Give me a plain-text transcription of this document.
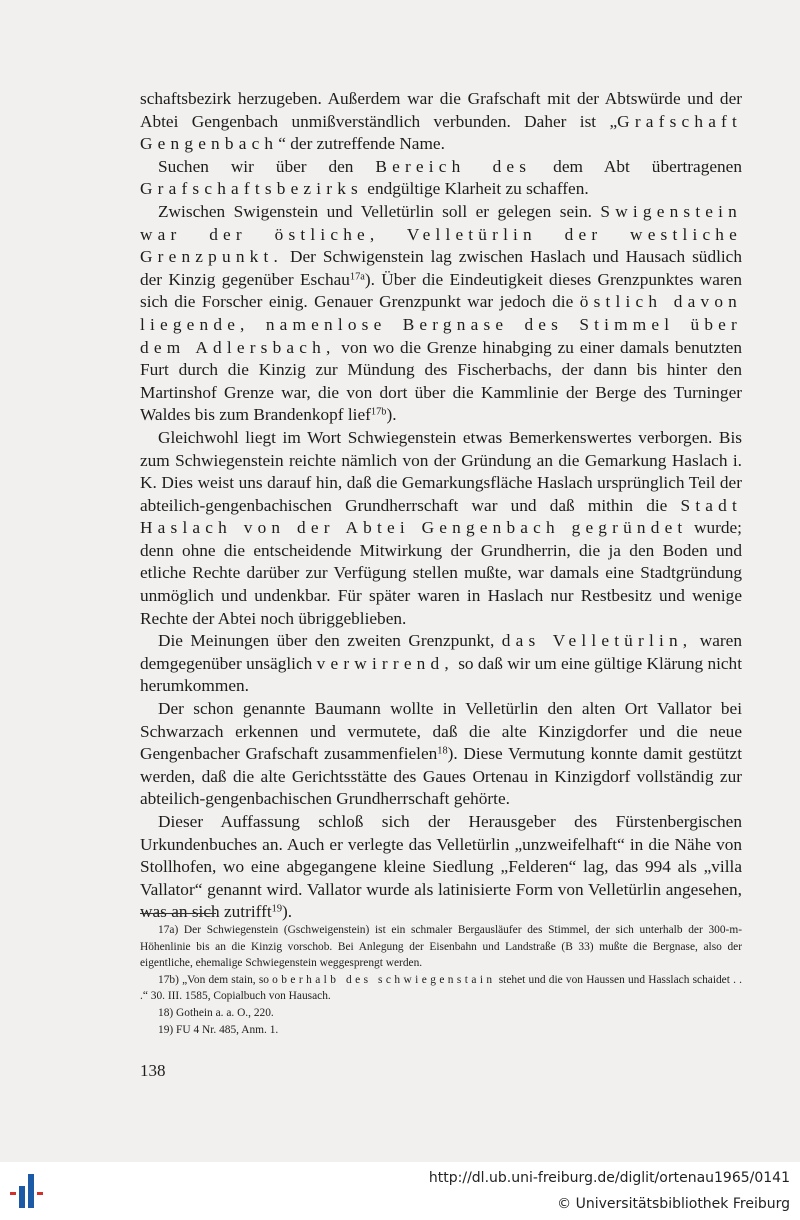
schaftsbezirk herzugeben. Außerdem war die Grafschaft mit der Abtswürde und der Abtei Gengenbach unmißverständlich verbunden. Daher ist „Grafschaft Gengenbach“ der zutreffende Name.

Suchen wir über den Bereich des dem Abt übertragenen Grafschaftsbezirks endgültige Klarheit zu schaffen.

Zwischen Swigenstein und Velletürlin soll er gelegen sein. Swigenstein war der östliche, Velletürlin der westliche Grenzpunkt. Der Schwigenstein lag zwischen Haslach und Hausach südlich der Kinzig gegenüber Eschau$^{17a}$). Über die Eindeutigkeit dieses Grenzpunktes waren sich die Forscher einig. Genauer Grenzpunkt war jedoch die östlich davon liegende, namenlose Bergnase des Stimmel über dem Adlersbach, von wo die Grenze hinabging zu einer damals benutzten Furt durch die Kinzig zur Mündung des Fischerbachs, der dann bis hinter den Martinshof Grenze war, die von dort über die Kammlinie der Berge des Turninger Waldes bis zum Brandenkopf lief$^{17b}$).

Gleichwohl liegt im Wort Schwiegenstein etwas Bemerkenswertes verborgen. Bis zum Schwiegenstein reichte nämlich von der Gründung an die Gemarkung Haslach i. K. Dies weist uns darauf hin, daß die Gemarkungsfläche Haslach ursprünglich Teil der abteilich-gengenbachischen Grundherrschaft war und daß mithin die Stadt Haslach von der Abtei Gengenbach gegründet wurde; denn ohne die entscheidende Mitwirkung der Grundherrin, die ja den Boden und etliche Rechte darüber zur Verfügung stellen mußte, war damals eine Stadtgründung unmöglich und undenkbar. Für später waren in Haslach nur Restbesitz und wenige Rechte der Abtei noch übriggeblieben.

Die Meinungen über den zweiten Grenzpunkt, das Velletürlin, waren demgegenüber unsäglich verwirrend, so daß wir um eine gültige Klärung nicht herumkommen.

Der schon genannte Baumann wollte in Velletürlin den alten Ort Vallator bei Schwarzach erkennen und vermutete, daß die alte Kinzigdorfer und die neue Gengenbacher Grafschaft zusammenfielen$^{18}$). Diese Vermutung konnte damit gestützt werden, daß die alte Gerichtsstätte des Gaues Ortenau in Kinzigdorf vollständig zur abteilich-gengenbachischen Grundherrschaft gehörte.

Dieser Auffassung schloß sich der Herausgeber des Fürstenbergischen Urkundenbuches an. Auch er verlegte das Velletürlin „unzweifelhaft“ in die Nähe von Stollhofen, wo eine abgegangene kleine Siedlung „Felderen“ lag, das 994 als „villa Vallator“ genannt wird. Vallator wurde als latinisierte Form von Velletürlin angesehen, was an sich zutrifft$^{19}$).

17a) Der Schwiegenstein (Gschweigenstein) ist ein schmaler Bergausläufer des Stimmel, der sich unterhalb der 300-m-Höhenlinie bis an die Kinzig vorschob. Bei Anlegung der Eisenbahn und Landstraße (B 33) mußte die Bergnase, also der eigentliche, ehemalige Schwiegenstein weggesprengt werden.

17b) „Von dem stain, so oberhalb des schwiegenstain stehet und die von Haussen und Hasslach schaidet . . .“ 30. III. 1585, Copialbuch von Hausach.

18) Gothein a. a. O., 220.

19) FU 4 Nr. 485, Anm. 1.

138
http://dl.ub.uni-freiburg.de/diglit/ortenau1965/0141
© Universitätsbibliothek Freiburg
